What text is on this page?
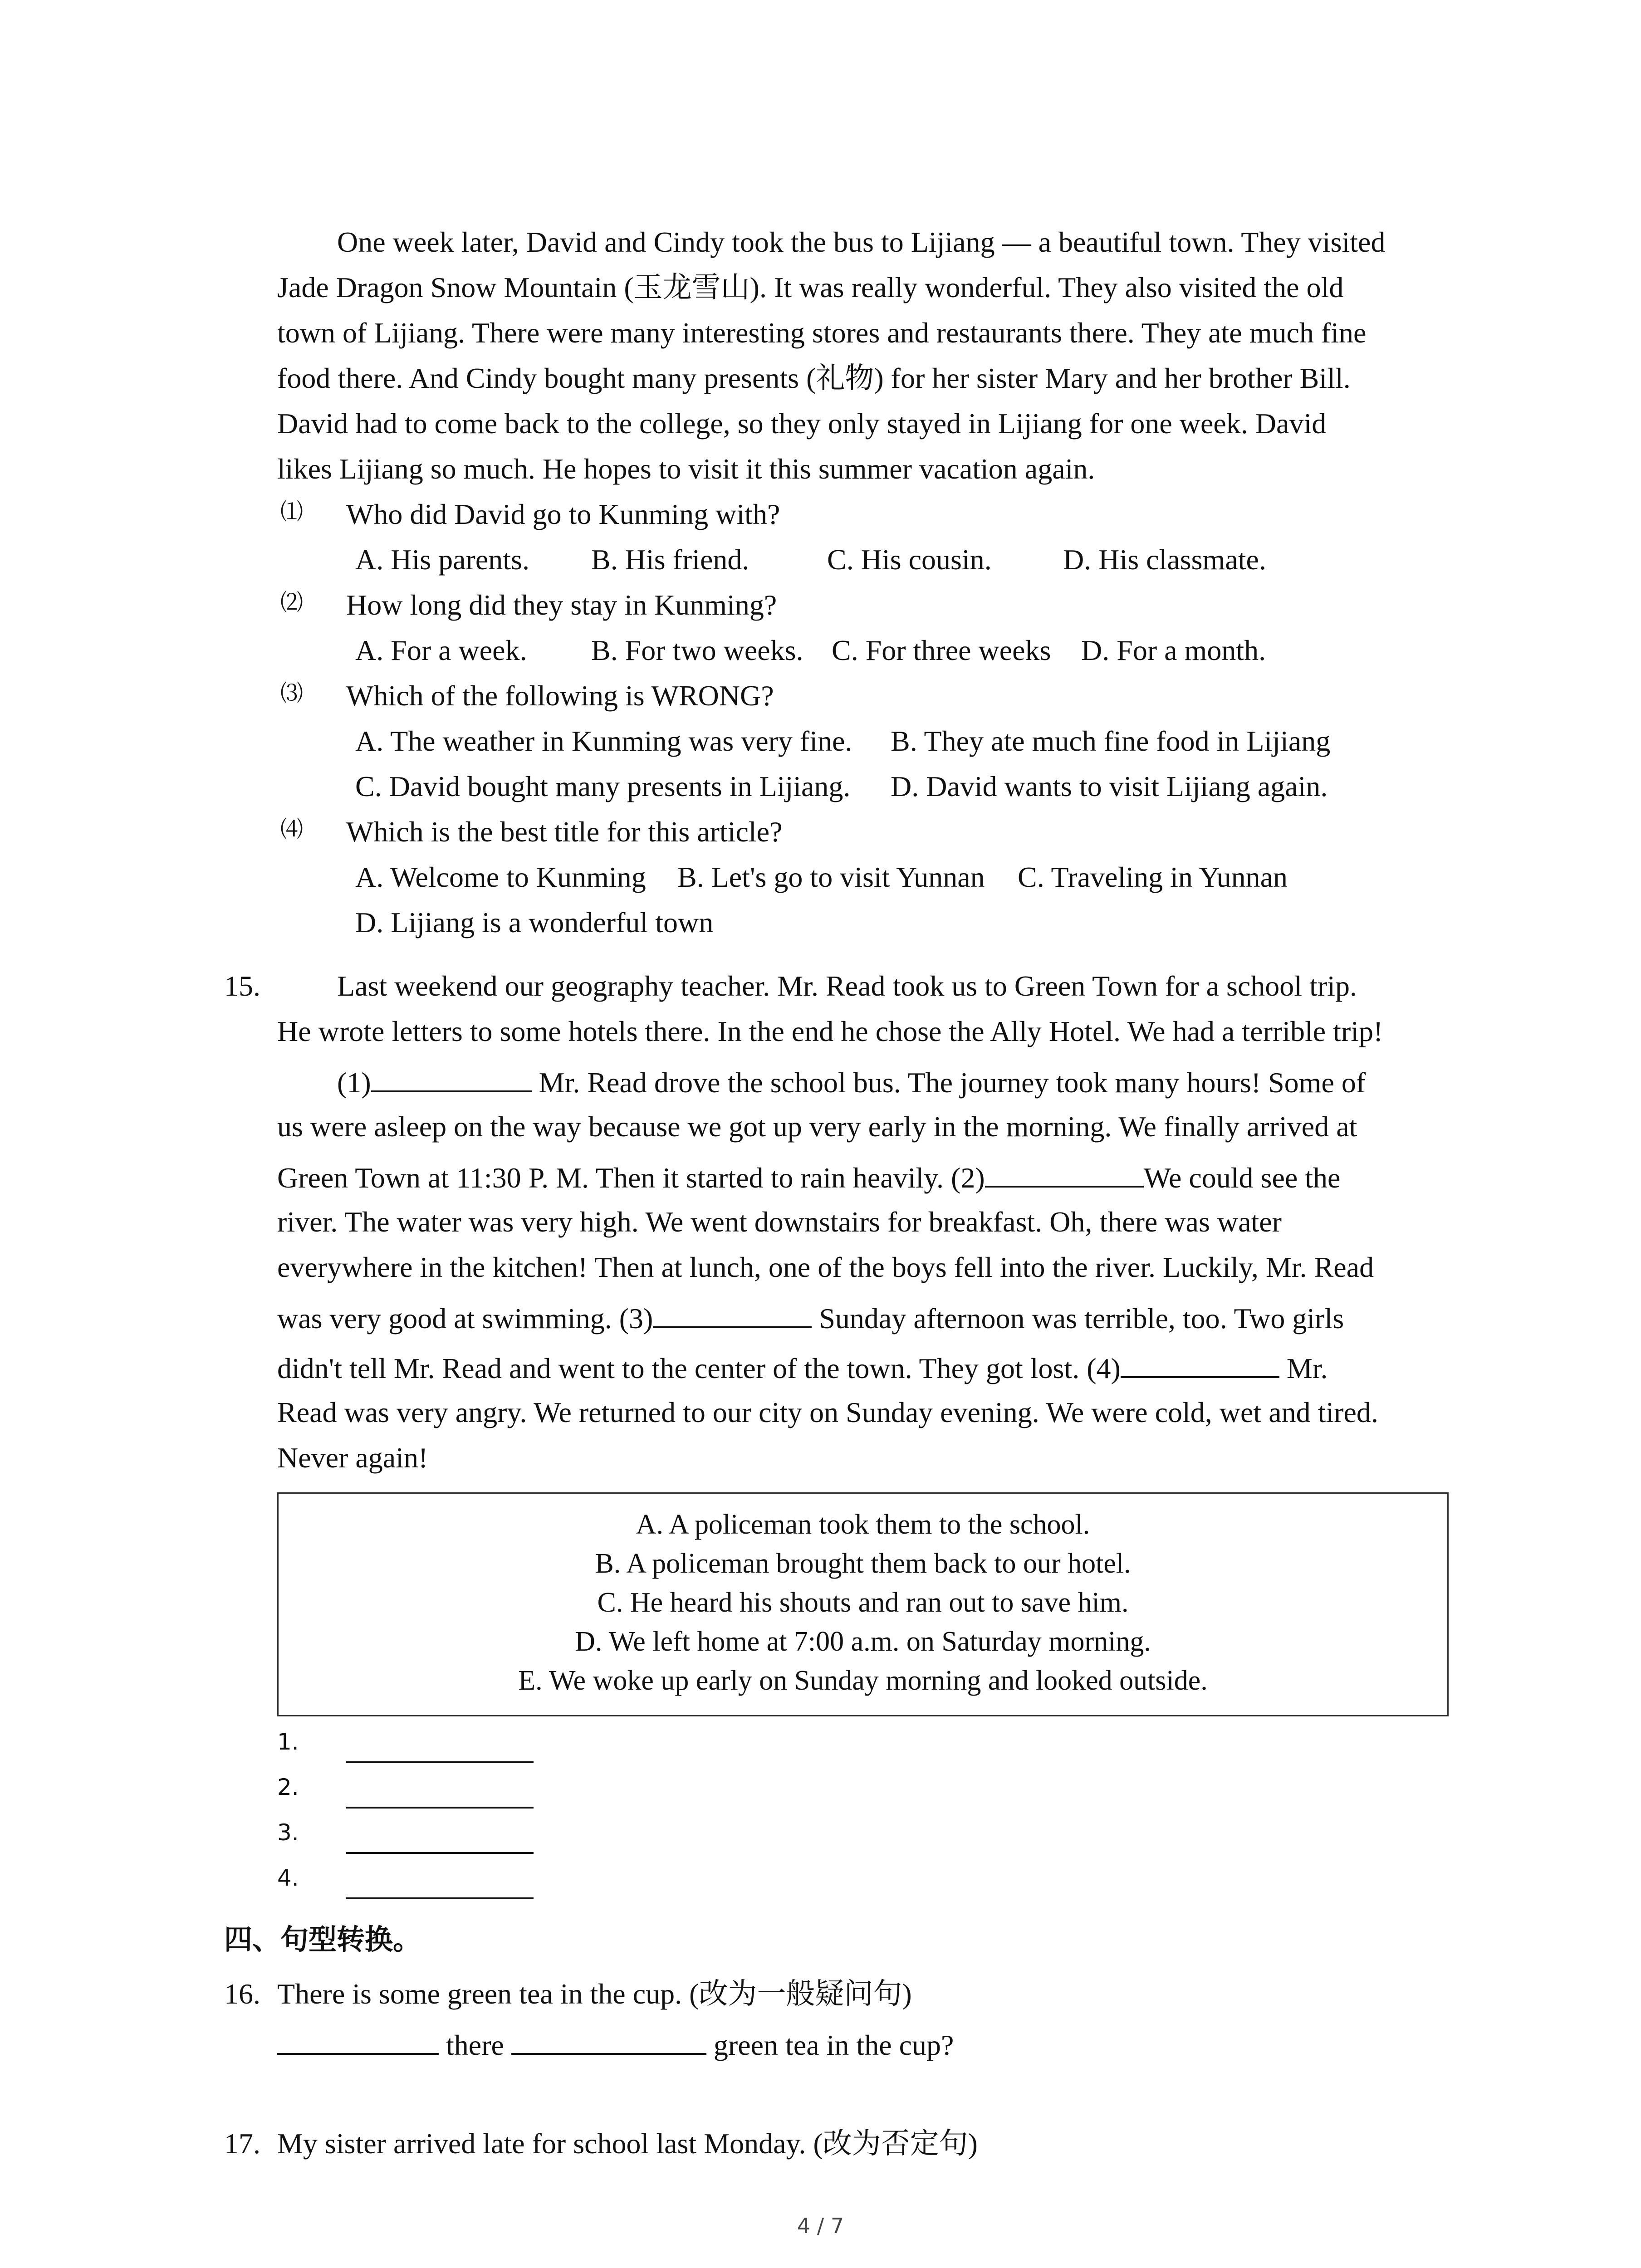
One week later, David and Cindy took the bus to Lijiang — a beautiful town. They visited
Jade Dragon Snow Mountain (玉龙雪山). It was really wonderful. They also visited the old
town of Lijiang. There were many interesting stores and restaurants there. They ate much fine
food there. And Cindy bought many presents (礼物) for her sister Mary and her brother Bill.
David had to come back to the college, so they only stayed in Lijiang for one week. David
likes Lijiang so much. He hopes to visit it this summer vacation again.
⑴ Who did David go to Kunming with?
A. His parents. B. His friend.	C. His cousin. D. His classmate.
⑵ How long did they stay in Kunming?
A. For a week. B. For two weeks. C. For three weeks D. For a month.
⑶ Which of the following is WRONG?
A. The weather in Kunming was very fine. B. They ate much fine food in Lijiang
C. David bought many presents in Lijiang. D. David wants to visit Lijiang again.
⑷ Which is the best title for this article?
A. Welcome to Kunming B. Let's go to visit Yunnan C. Traveling in Yunnan
D. Lijiang is a wonderful town
15.	Last weekend our geography teacher. Mr. Read took us to Green Town for a school trip.
He wrote letters to some hotels there. In the end he chose the Ally Hotel. We had a terrible trip!
(1)	Mr. Read drove the school bus. The journey took many hours! Some of
us were asleep on the way because we got up very early in the morning. We finally arrived at
Green Town at 11:30 P. M. Then it started to rain heavily. (2)	We could see the
river. The water was very high. We went downstairs for breakfast. Oh, there was water
everywhere in the kitchen! Then at lunch, one of the boys fell into the river. Luckily, Mr. Read
was very good at swimming. (3)	Sunday afternoon was terrible, too. Two girls
didn't tell Mr. Read and went to the center of the town. They got lost. (4)	Mr.
Read was very angry. We returned to our city on Sunday evening. We were cold, wet and tired.
Never again!
A. A policeman took them to the school.
B. A policeman brought them back to our hotel.
C. He heard his shouts and ran out to save him.
D. We left home at 7:00 a.m. on Saturday morning.
E. We woke up early on Sunday morning and looked outside.
1.
2.
3.
4.
四、句型转换。
16. There is some green tea in the cup. (改为一般疑问句)
there	green tea in the cup?
17. My sister arrived late for school last Monday. (改为否定句)
4 / 7
